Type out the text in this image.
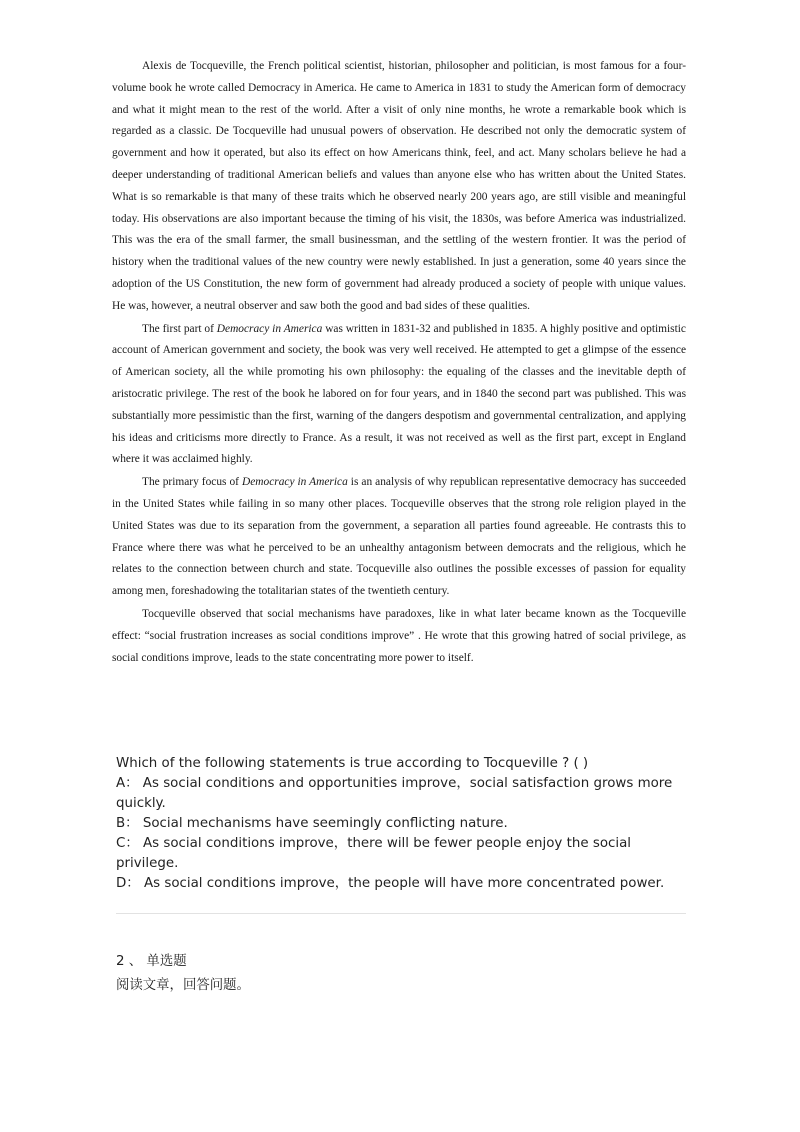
Alexis de Tocqueville, the French political scientist, historian, philosopher and politician, is most famous for a four-volume book he wrote called Democracy in America. He came to America in 1831 to study the American form of democracy and what it might mean to the rest of the world. After a visit of only nine months, he wrote a remarkable book which is regarded as a classic. De Tocqueville had unusual powers of observation. He described not only the democratic system of government and how it operated, but also its effect on how Americans think, feel, and act. Many scholars believe he had a deeper understanding of traditional American beliefs and values than anyone else who has written about the United States. What is so remarkable is that many of these traits which he observed nearly 200 years ago, are still visible and meaningful today. His observations are also important because the timing of his visit, the 1830s, was before America was industrialized. This was the era of the small farmer, the small businessman, and the settling of the western frontier. It was the period of history when the traditional values of the new country were newly established. In just a generation, some 40 years since the adoption of the US Constitution, the new form of government had already produced a society of people with unique values. He was, however, a neutral observer and saw both the good and bad sides of these qualities.

The first part of Democracy in America was written in 1831-32 and published in 1835. A highly positive and optimistic account of American government and society, the book was very well received. He attempted to get a glimpse of the essence of American society, all the while promoting his own philosophy: the equaling of the classes and the inevitable depth of aristocratic privilege. The rest of the book he labored on for four years, and in 1840 the second part was published. This was substantially more pessimistic than the first, warning of the dangers despotism and governmental centralization, and applying his ideas and criticisms more directly to France. As a result, it was not received as well as the first part, except in England where it was acclaimed highly.

The primary focus of Democracy in America is an analysis of why republican representative democracy has succeeded in the United States while failing in so many other places. Tocqueville observes that the strong role religion played in the United States was due to its separation from the government, a separation all parties found agreeable. He contrasts this to France where there was what he perceived to be an unhealthy antagonism between democrats and the religious, which he relates to the connection between church and state. Tocqueville also outlines the possible excesses of passion for equality among men, foreshadowing the totalitarian states of the twentieth century.

Tocqueville observed that social mechanisms have paradoxes, like in what later became known as the Tocqueville effect: “social frustration increases as social conditions improve” . He wrote that this growing hatred of social privilege, as social conditions improve, leads to the state concentrating more power to itself.

Which of the following statements is true according to Tocqueville ? ( )
A： As social conditions and opportunities improve，social satisfaction grows more quickly.
B： Social mechanisms have seemingly conflicting nature.
C： As social conditions improve，there will be fewer people enjoy the social privilege.
D： As social conditions improve，the people will have more concentrated power.
2 、 单选题
阅读文章，回答问题。
